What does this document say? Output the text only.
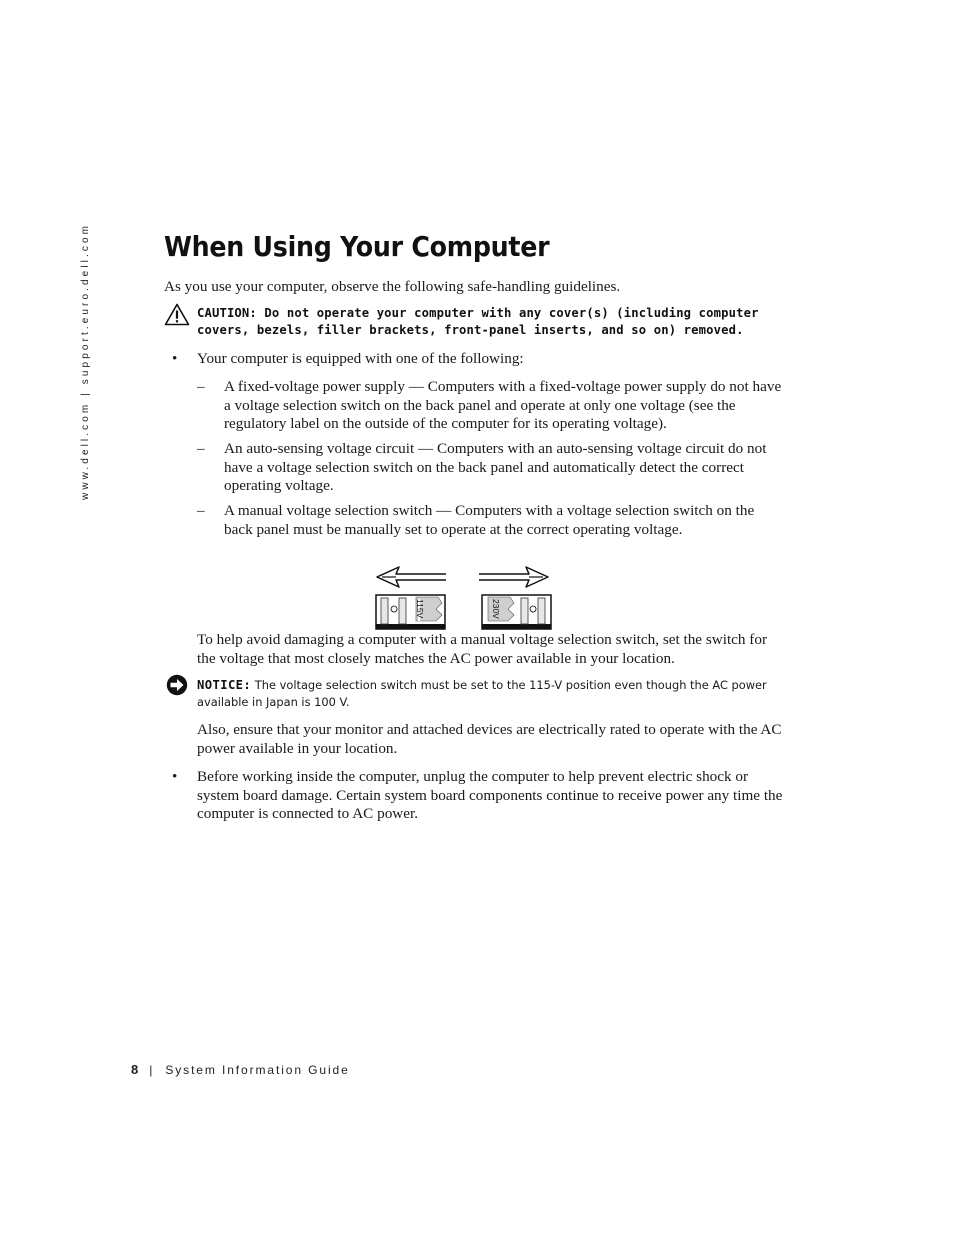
www.dell.com | support.euro.dell.com	When Using Your Computer

As you use your computer, observe the following safe-handling guidelines.

CAUTION: Do not operate your computer with any cover(s) (including computer covers, bezels, filler brackets, front-panel inserts, and so on) removed.

• Your computer is equipped with one of the following:

– A fixed-voltage power supply — Computers with a fixed-voltage power supply do not have a voltage selection switch on the back panel and operate at only one voltage (see the regulatory label on the outside of the computer for its operating voltage).

– An auto-sensing voltage circuit — Computers with an auto-sensing voltage circuit do not have a voltage selection switch on the back panel and automatically detect the correct operating voltage.

– A manual voltage selection switch — Computers with a voltage selection switch on the back panel must be manually set to operate at the correct operating voltage.

115V	230V

To help avoid damaging a computer with a manual voltage selection switch, set the switch for the voltage that most closely matches the AC power available in your location.

NOTICE: The voltage selection switch must be set to the 115-V position even though the AC power available in Japan is 100 V.

Also, ensure that your monitor and attached devices are electrically rated to operate with the AC power available in your location.

• Before working inside the computer, unplug the computer to help prevent electric shock or system board damage. Certain system board components continue to receive power any time the computer is connected to AC power.

8 | System Information Guide
